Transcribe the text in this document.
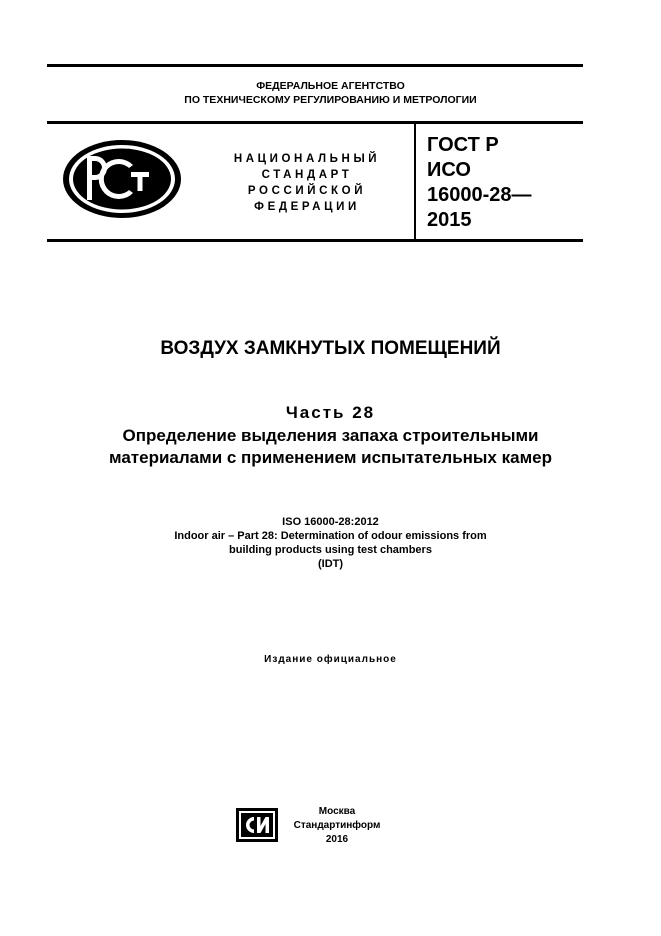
ФЕДЕРАЛЬНОЕ АГЕНТСТВО
ПО ТЕХНИЧЕСКОМУ РЕГУЛИРОВАНИЮ И МЕТРОЛОГИИ
НАЦИОНАЛЬНЫЙ
СТАНДАРТ
РОССИЙСКОЙ
ФЕДЕРАЦИИ
ГОСТ Р
ИСО
16000-28—
2015
ВОЗДУХ ЗАМКНУТЫХ ПОМЕЩЕНИЙ
Часть 28
Определение выделения запаха строительными
материалами с применением испытательных камер
ISO 16000-28:2012
Indoor air – Part 28: Determination of odour emissions from
building products using test chambers
(IDT)
Издание официальное
Москва
Стандартинформ
2016
